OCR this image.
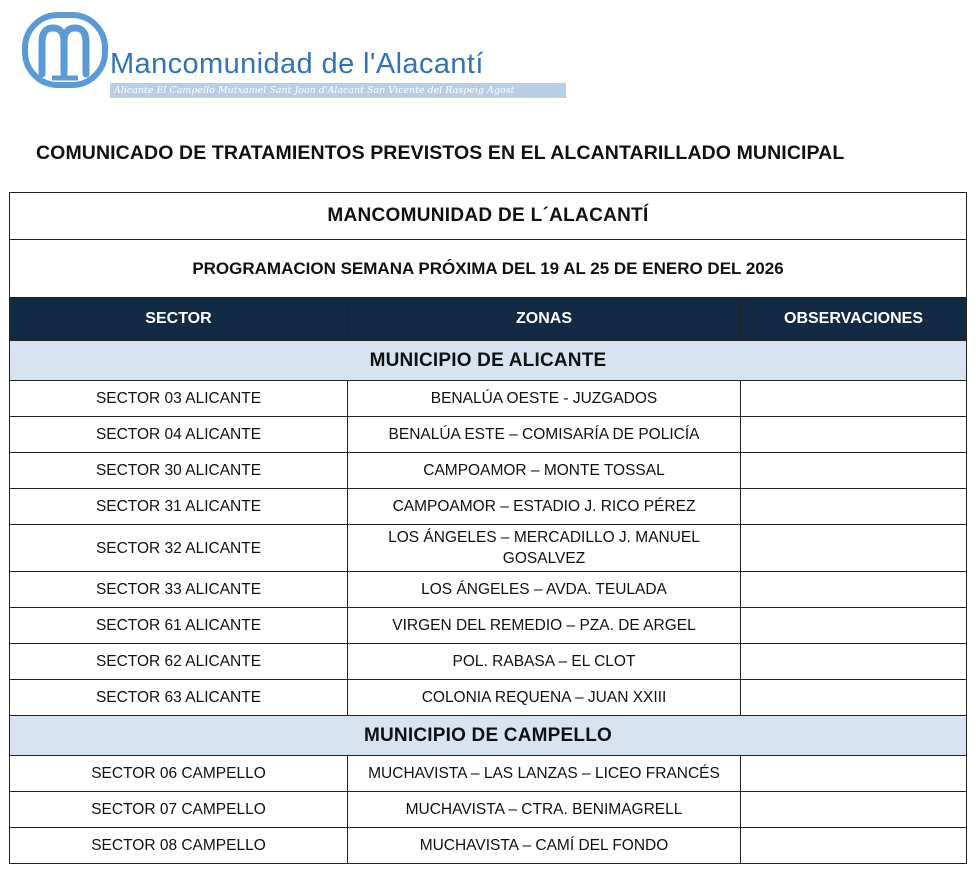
Mancomunidad de l'Alacantí
Alicante El Campello Mutxamel Sant Joan d'Alacant San Vicente del Raspeig Agost
COMUNICADO DE TRATAMIENTOS PREVISTOS EN EL ALCANTARILLADO MUNICIPAL
MANCOMUNIDAD DE L´ALACANTÍ		
PROGRAMACION SEMANA PRÓXIMA DEL 19 AL 25 DE ENERO DEL 2026		
SECTOR	ZONAS	OBSERVACIONES
MUNICIPIO DE ALICANTE		
SECTOR 03 ALICANTE	BENALÚA OESTE - JUZGADOS	
SECTOR 04 ALICANTE	BENALÚA ESTE – COMISARÍA DE POLICÍA	
SECTOR 30 ALICANTE	CAMPOAMOR – MONTE TOSSAL	
SECTOR 31 ALICANTE	CAMPOAMOR – ESTADIO J. RICO PÉREZ	
SECTOR 32 ALICANTE	LOS ÁNGELES – MERCADILLO J. MANUEL GOSALVEZ	
SECTOR 33 ALICANTE	LOS ÁNGELES – AVDA. TEULADA	
SECTOR 61 ALICANTE	VIRGEN DEL REMEDIO – PZA. DE ARGEL	
SECTOR 62 ALICANTE	POL. RABASA – EL CLOT	
SECTOR 63 ALICANTE	COLONIA REQUENA – JUAN XXIII	
MUNICIPIO DE CAMPELLO		
SECTOR 06 CAMPELLO	MUCHAVISTA – LAS LANZAS – LICEO FRANCÉS	
SECTOR 07 CAMPELLO	MUCHAVISTA – CTRA. BENIMAGRELL	
SECTOR 08 CAMPELLO	MUCHAVISTA – CAMÍ DEL FONDO	
